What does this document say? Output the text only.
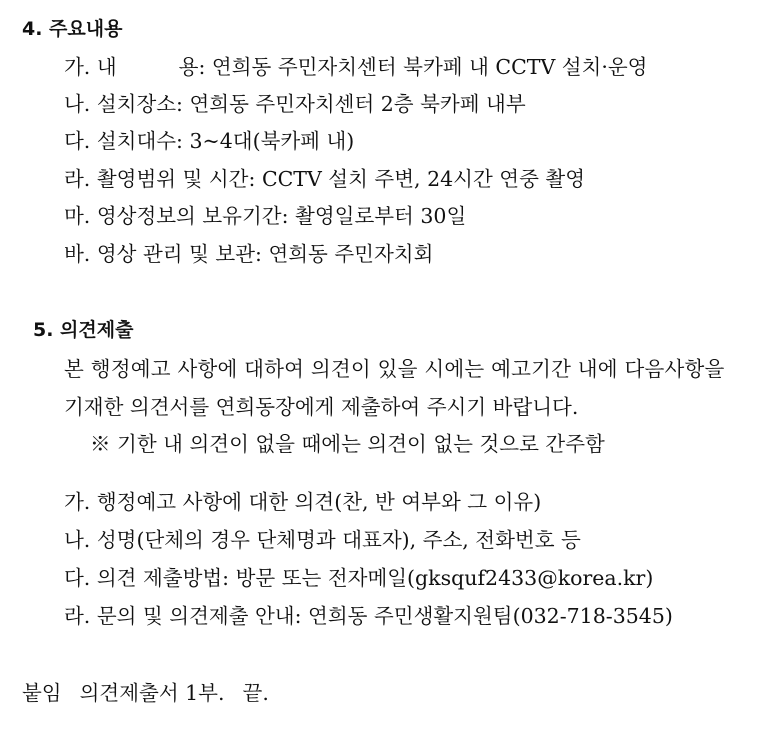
4. 주요내용
가. 내	용: 연희동 주민자치센터 북카페 내 CCTV 설치·운영
나. 설치장소: 연희동 주민자치센터 2층 북카페 내부
다. 설치대수: 3~4대(북카페 내)
라. 촬영범위 및 시간: CCTV 설치 주변, 24시간 연중 촬영
마. 영상정보의 보유기간: 촬영일로부터 30일
바. 영상 관리 및 보관: 연희동 주민자치회
5. 의견제출
본 행정예고 사항에 대하여 의견이 있을 시에는 예고기간 내에 다음사항을
기재한 의견서를 연희동장에게 제출하여 주시기 바랍니다.
※ 기한 내 의견이 없을 때에는 의견이 없는 것으로 간주함
가. 행정예고 사항에 대한 의견(찬, 반 여부와 그 이유)
나. 성명(단체의 경우 단체명과 대표자), 주소, 전화번호 등
다. 의견 제출방법: 방문 또는 전자메일(gksquf2433@korea.kr)
라. 문의 및 의견제출 안내: 연희동 주민생활지원팀(032-718-3545)
붙임 의견제출서 1부. 끝.
